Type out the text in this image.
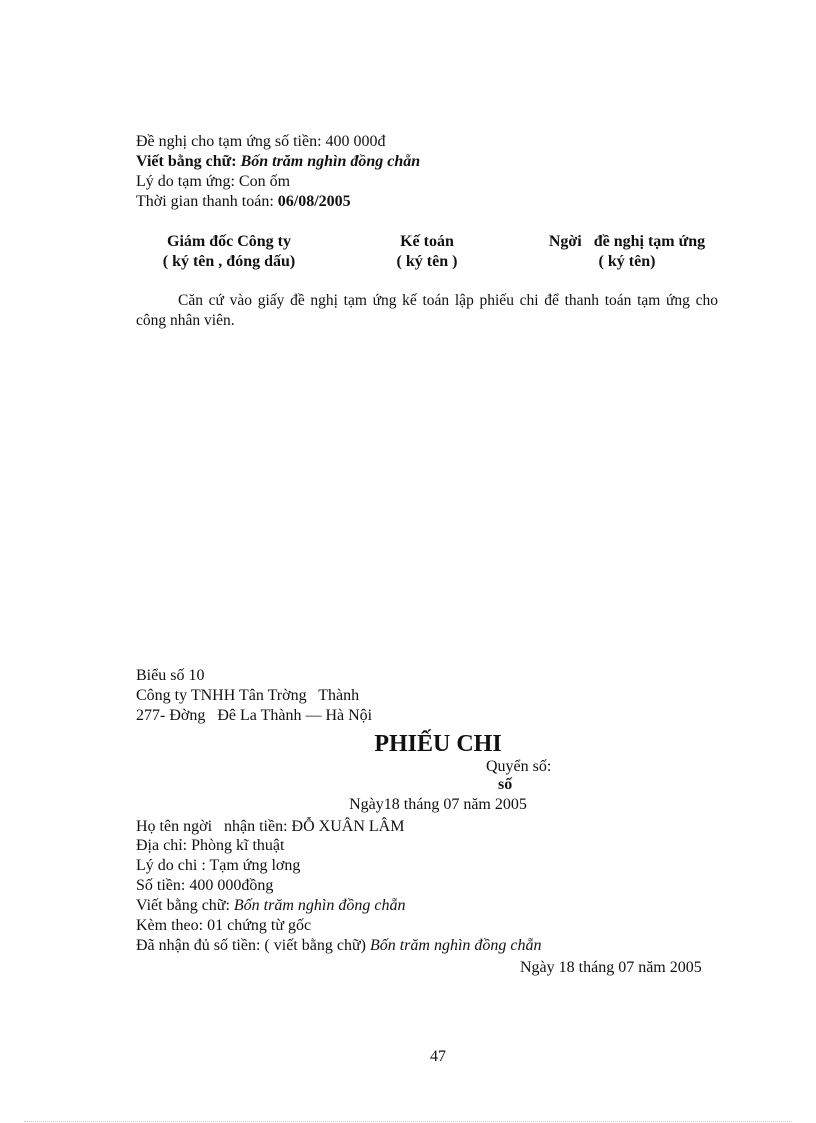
Đề nghị cho tạm ứng số tiền: 400 000đ
Viết bằng chữ: Bốn trăm nghìn đồng chẵn
Lý do tạm ứng: Con ốm
Thời gian thanh toán: 06/08/2005
Giám đốc Công ty
( ký tên , đóng dấu)
Kế toán
( ký tên )
Ngời   đề nghị tạm ứng
( ký tên)
Căn cứ vào giấy đề nghị tạm ứng kế toán lập phiếu chi để thanh toán tạm ứng cho công nhân viên.
Biểu số 10
Công ty TNHH Tân Trờng   Thành
277- Đờng   Đê La Thành — Hà Nội
PHIẾU CHI
Quyển số:
số
Ngày18 tháng 07 năm 2005
Họ tên ngời   nhận tiền: ĐỖ XUÂN LÂM
Địa chỉ: Phòng kĩ thuật
Lý do chi : Tạm ứng lơng
Số tiền: 400 000đồng
Viết bằng chữ: Bốn trăm nghìn đồng chẵn
Kèm theo: 01 chứng từ gốc
Đã nhận đủ số tiền: ( viết bằng chữ) Bốn trăm nghìn đồng chẵn
Ngày 18 tháng 07 năm 2005
47
